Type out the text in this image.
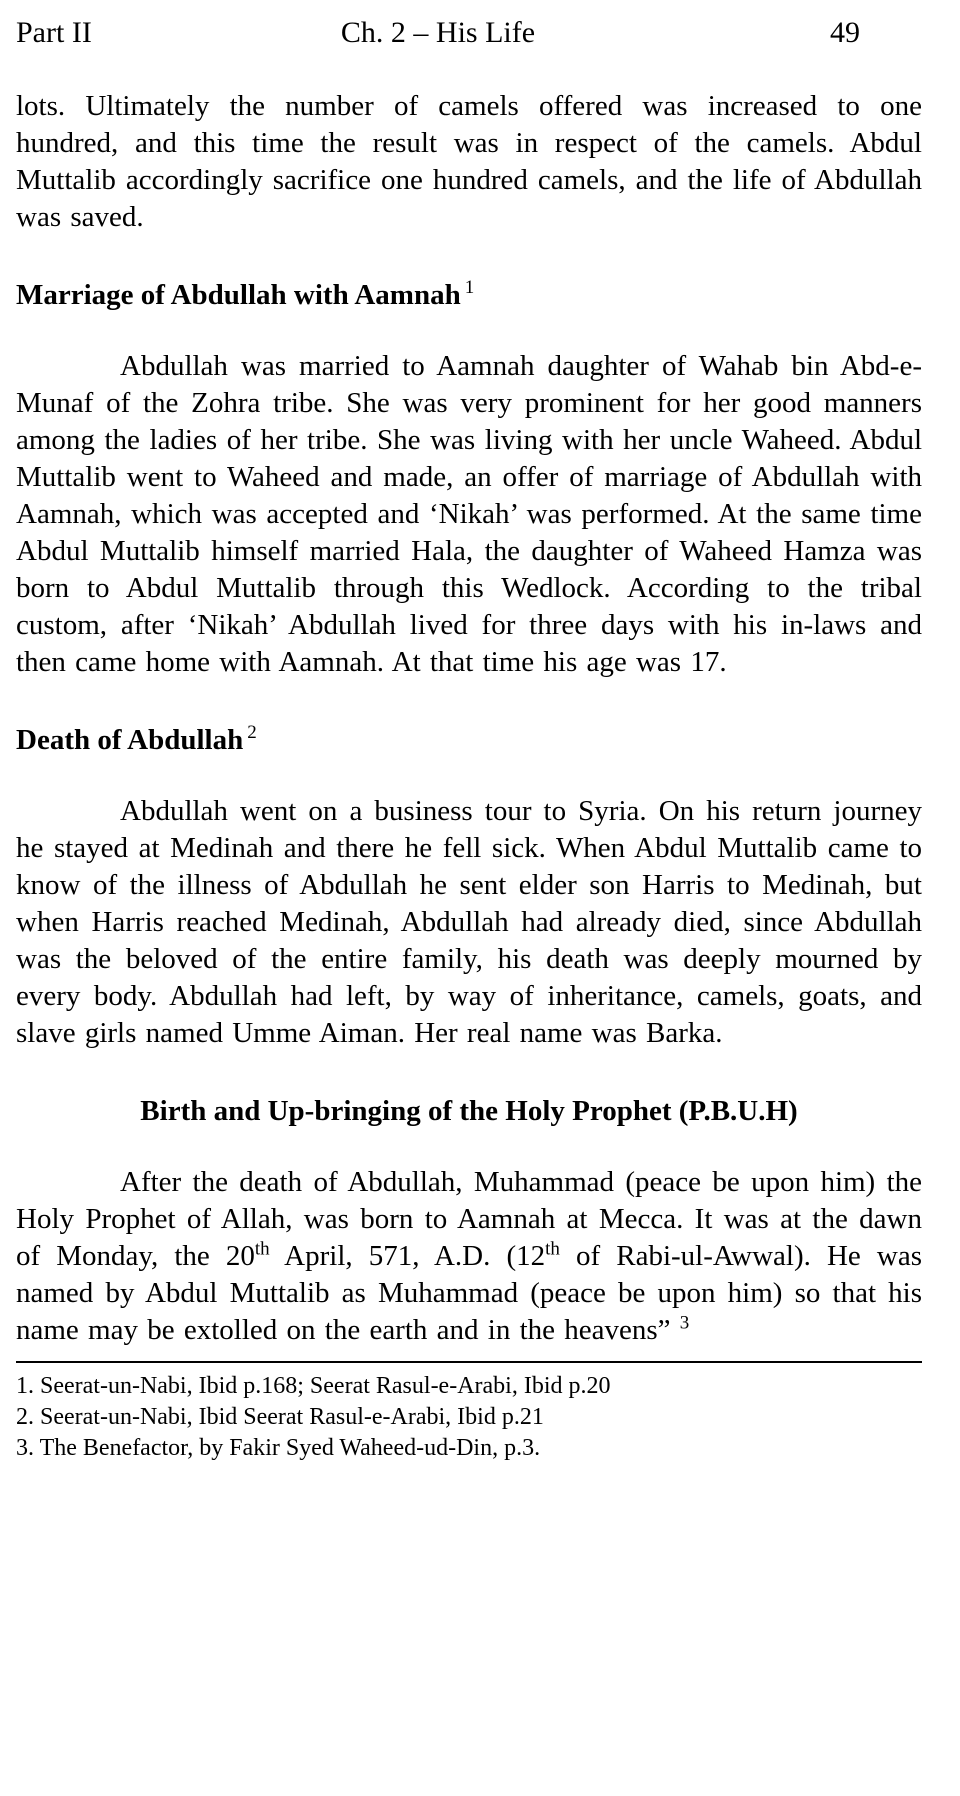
Part II	Ch. 2 – His Life	49

lots. Ultimately the number of camels offered was increased to one hundred, and this time the result was in respect of the camels. Abdul Muttalib accordingly sacrifice one hundred camels, and the life of Abdullah was saved.

Marriage of Abdullah with Aamnah $^1$

Abdullah was married to Aamnah daughter of Wahab bin Abd-e-Munaf of the Zohra tribe. She was very prominent for her good manners among the ladies of her tribe. She was living with her uncle Waheed. Abdul Muttalib went to Waheed and made, an offer of marriage of Abdullah with Aamnah, which was accepted and ‘Nikah’ was performed. At the same time Abdul Muttalib himself married Hala, the daughter of Waheed Hamza was born to Abdul Muttalib through this Wedlock. According to the tribal custom, after ‘Nikah’ Abdullah lived for three days with his in-laws and then came home with Aamnah. At that time his age was 17.

Death of Abdullah $^2$

Abdullah went on a business tour to Syria. On his return journey he stayed at Medinah and there he fell sick. When Abdul Muttalib came to know of the illness of Abdullah he sent elder son Harris to Medinah, but when Harris reached Medinah, Abdullah had already died, since Abdullah was the beloved of the entire family, his death was deeply mourned by every body. Abdullah had left, by way of inheritance, camels, goats, and slave girls named Umme Aiman. Her real name was Barka.

Birth and Up-bringing of the Holy Prophet (P.B.U.H)

After the death of Abdullah, Muhammad (peace be upon him) the Holy Prophet of Allah, was born to Aamnah at Mecca. It was at the dawn of Monday, the 20th April, 571, A.D. (12th of Rabi-ul-Awwal). He was named by Abdul Muttalib as Muhammad (peace be upon him) so that his name may be extolled on the earth and in the heavens” $^3$

1. Seerat-un-Nabi, Ibid p.168; Seerat Rasul-e-Arabi, Ibid p.20

2. Seerat-un-Nabi, Ibid Seerat Rasul-e-Arabi, Ibid p.21

3. The Benefactor, by Fakir Syed Waheed-ud-Din, p.3.
